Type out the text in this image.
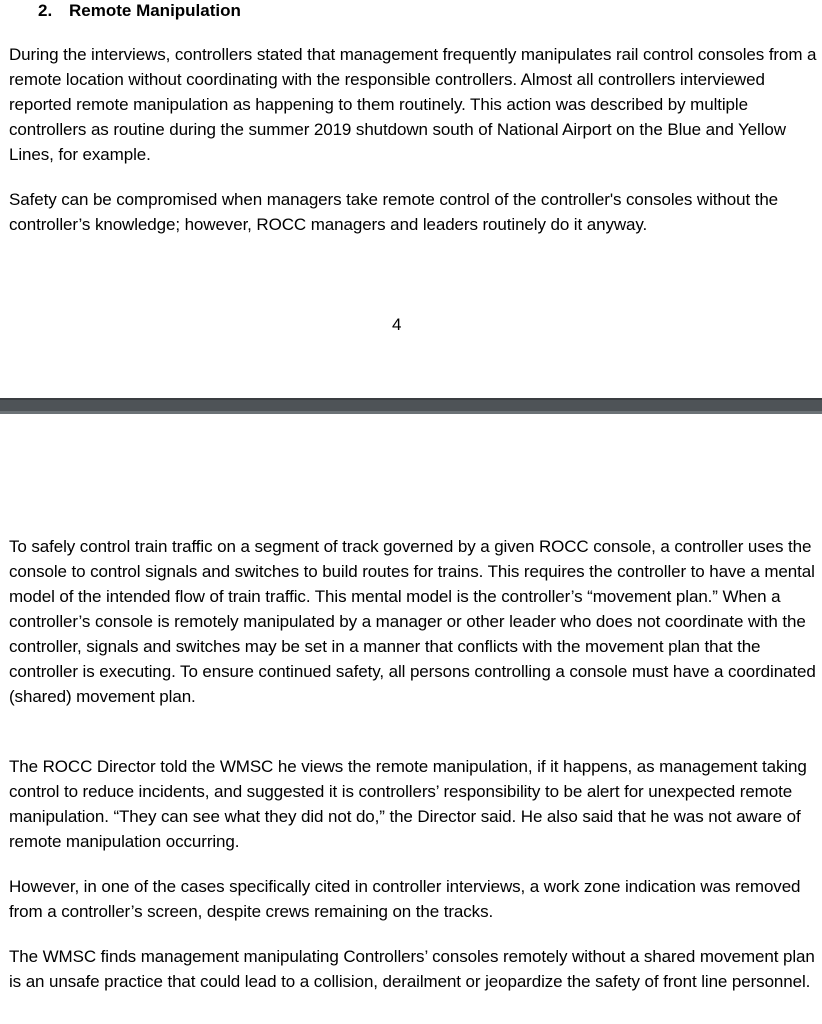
2. Remote Manipulation

During the interviews, controllers stated that management frequently manipulates rail control consoles from a remote location without coordinating with the responsible controllers. Almost all controllers interviewed reported remote manipulation as happening to them routinely. This action was described by multiple controllers as routine during the summer 2019 shutdown south of National Airport on the Blue and Yellow Lines, for example.

Safety can be compromised when managers take remote control of the controller's consoles without the controller’s knowledge; however, ROCC managers and leaders routinely do it anyway.

4

To safely control train traffic on a segment of track governed by a given ROCC console, a controller uses the console to control signals and switches to build routes for trains. This requires the controller to have a mental model of the intended flow of train traffic. This mental model is the controller’s “movement plan.” When a controller’s console is remotely manipulated by a manager or other leader who does not coordinate with the controller, signals and switches may be set in a manner that conflicts with the movement plan that the controller is executing. To ensure continued safety, all persons controlling a console must have a coordinated (shared) movement plan.

The ROCC Director told the WMSC he views the remote manipulation, if it happens, as management taking control to reduce incidents, and suggested it is controllers’ responsibility to be alert for unexpected remote manipulation. “They can see what they did not do,” the Director said. He also said that he was not aware of remote manipulation occurring.

However, in one of the cases specifically cited in controller interviews, a work zone indication was removed from a controller’s screen, despite crews remaining on the tracks.

The WMSC finds management manipulating Controllers’ consoles remotely without a shared movement plan is an unsafe practice that could lead to a collision, derailment or jeopardize the safety of front line personnel.
